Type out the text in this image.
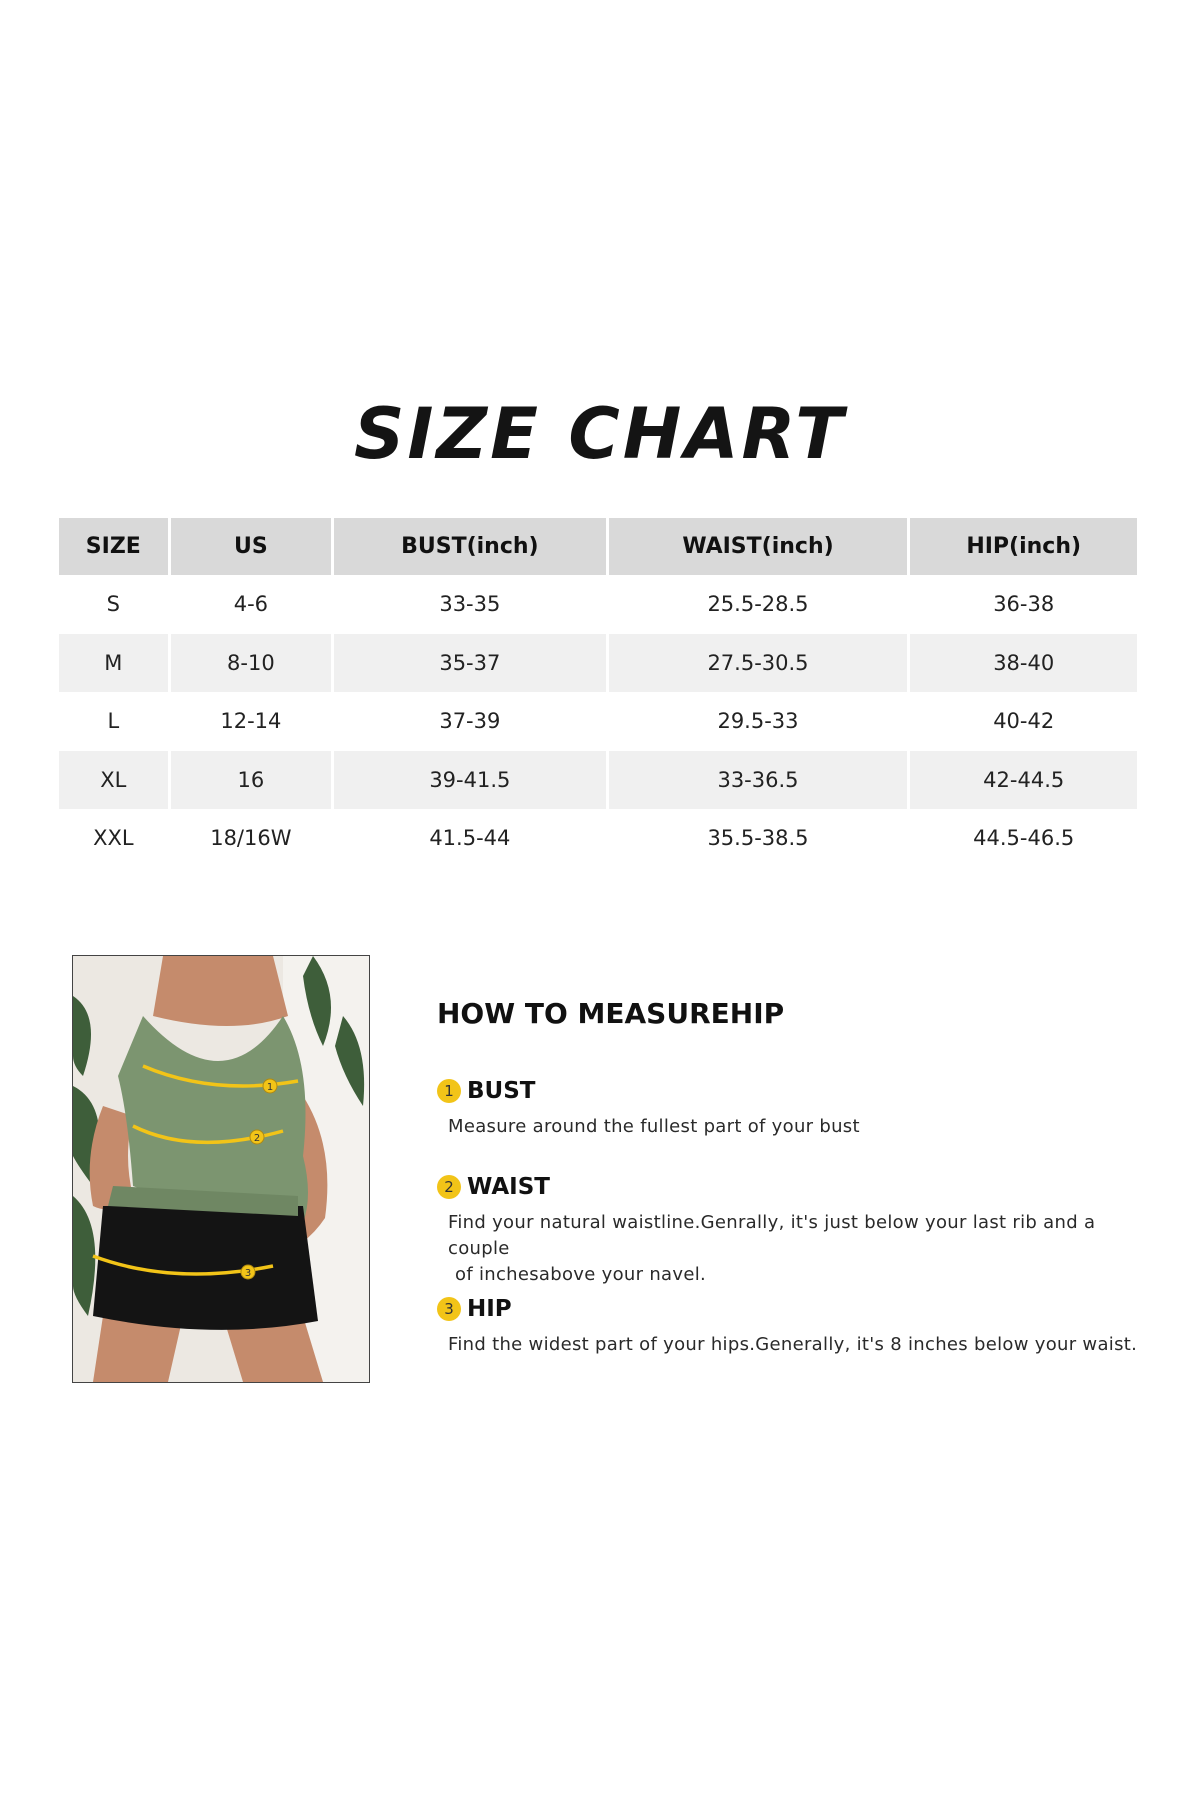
SIZE CHART
SIZE	US	BUST(inch)	WAIST(inch)	HIP(inch)
S	4-6	33-35	25.5-28.5	36-38
M	8-10	35-37	27.5-30.5	38-40
L	12-14	37-39	29.5-33	40-42
XL	16	39-41.5	33-36.5	42-44.5
XXL	18/16W	41.5-44	35.5-38.5	44.5-46.5
1
2
3
HOW TO MEASUREHIP
1 BUST

Measure around the fullest part of your bust

2 WAIST

Find your natural waistline.Genrally, it's just below your last rib and a couple

of inchesabove your navel.

3 HIP

Find the widest part of your hips.Generally, it's 8 inches below your waist.
